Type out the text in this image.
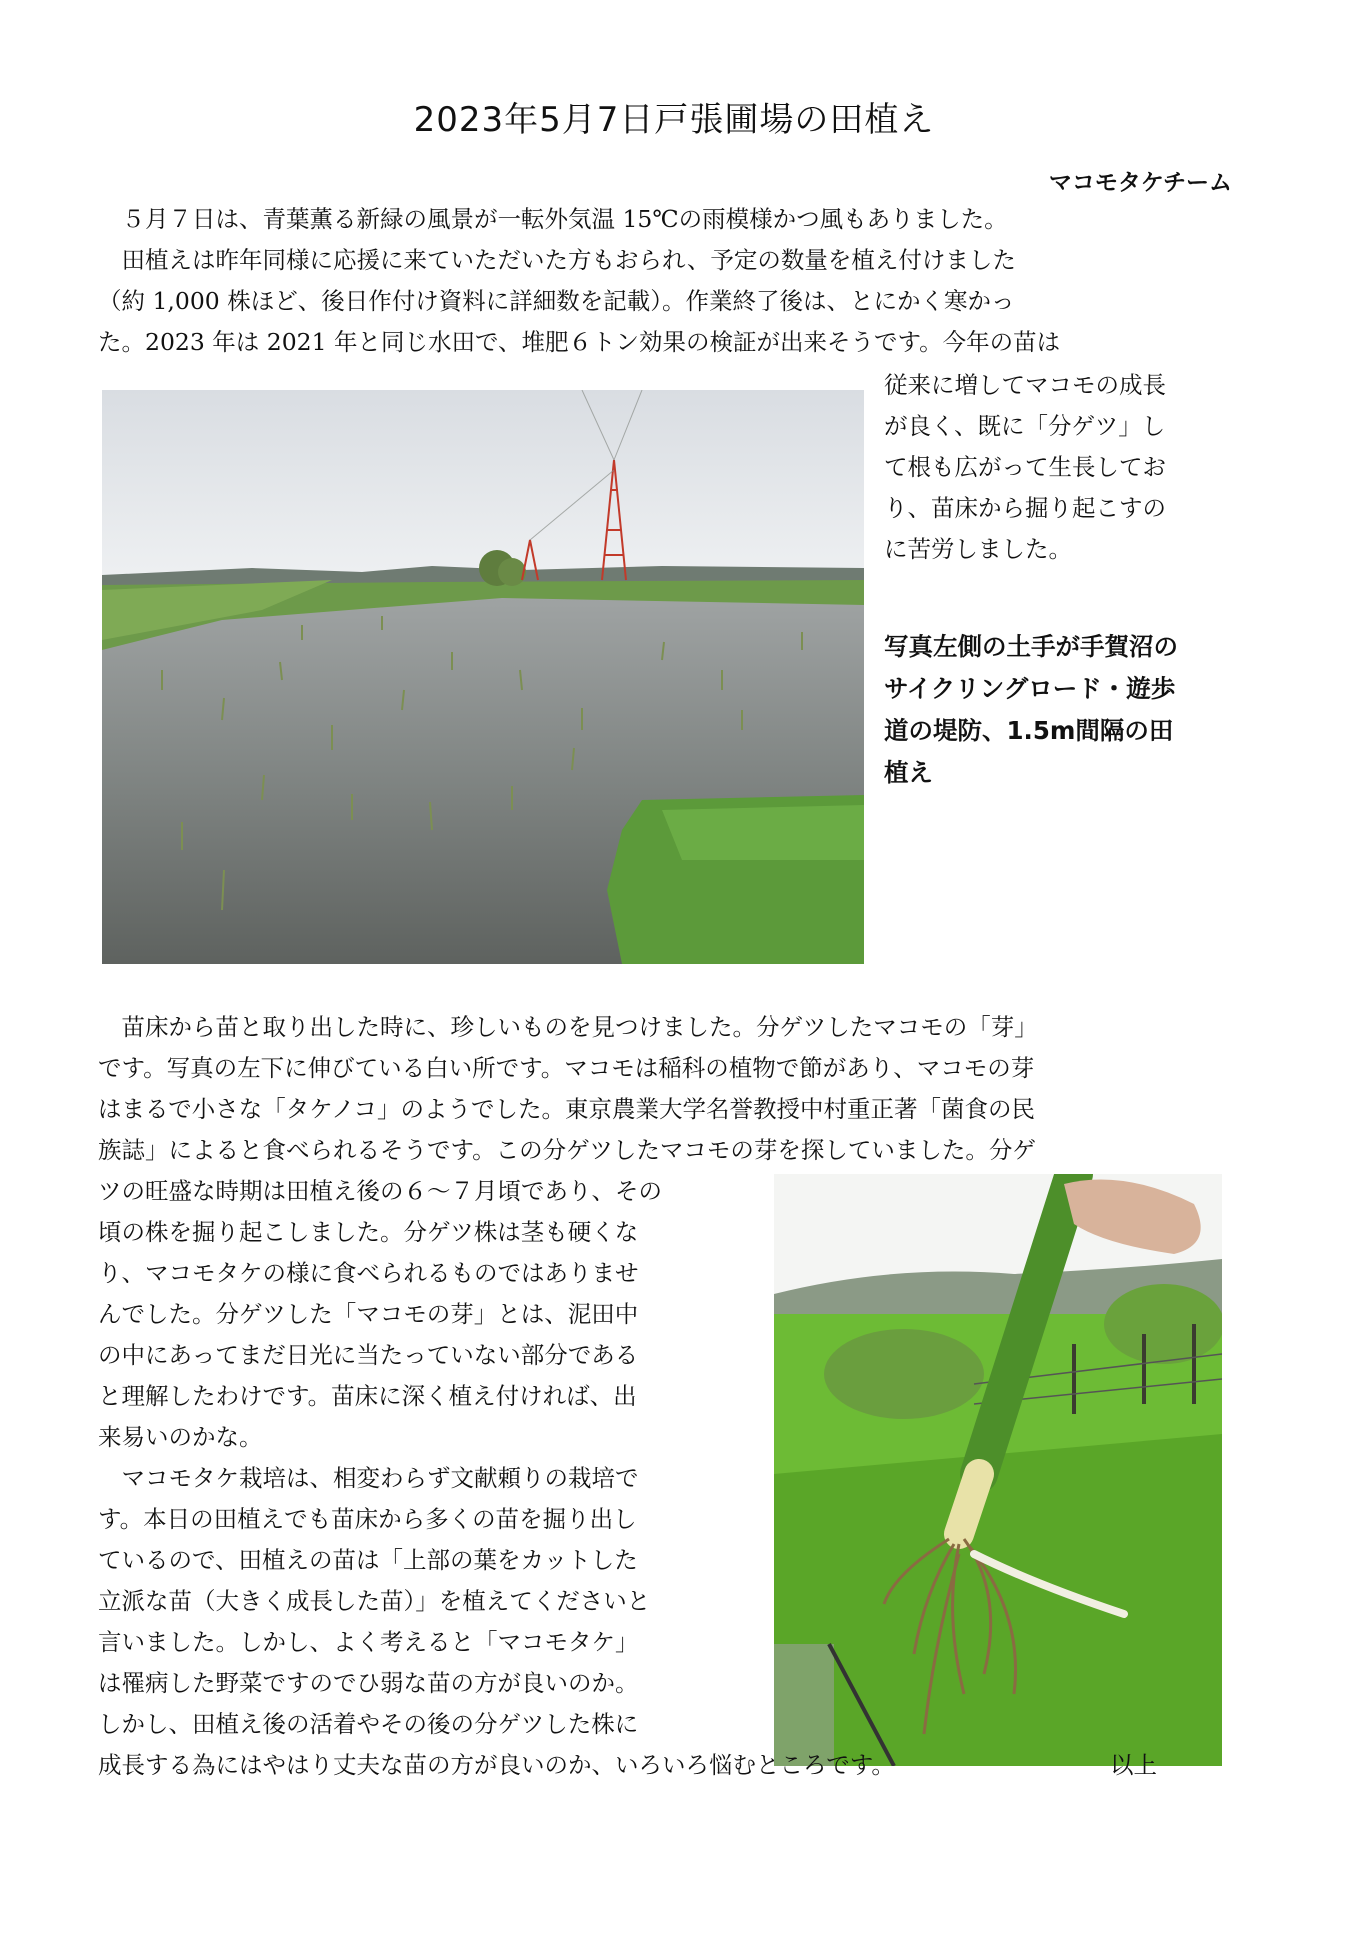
2023年5月7日戸張圃場の田植え
マコモタケチーム
　５月７日は、青葉薫る新緑の風景が一転外気温 15℃の雨模様かつ風もありました。
　田植えは昨年同様に応援に来ていただいた方もおられ、予定の数量を植え付けました
（約 1,000 株ほど、後日作付け資料に詳細数を記載）。作業終了後は、とにかく寒かっ
た。2023 年は 2021 年と同じ水田で、堆肥６トン効果の検証が出来そうです。今年の苗は
従来に増してマコモの成長
が良く、既に「分ゲツ」し
て根も広がって生長してお
り、苗床から掘り起こすの
に苦労しました。
写真左側の土手が手賀沼の
サイクリングロード・遊歩
道の堤防、1.5m間隔の田
植え
　苗床から苗と取り出した時に、珍しいものを見つけました。分ゲツしたマコモの「芽」
です。写真の左下に伸びている白い所です。マコモは稲科の植物で節があり、マコモの芽
はまるで小さな「タケノコ」のようでした。東京農業大学名誉教授中村重正著「菌食の民
族誌」によると食べられるそうです。この分ゲツしたマコモの芽を探していました。分ゲ
ツの旺盛な時期は田植え後の６～７月頃であり、その
頃の株を掘り起こしました。分ゲツ株は茎も硬くな
り、マコモタケの様に食べられるものではありませ
んでした。分ゲツした「マコモの芽」とは、泥田中
の中にあってまだ日光に当たっていない部分である
と理解したわけです。苗床に深く植え付ければ、出
来易いのかな。
　マコモタケ栽培は、相変わらず文献頼りの栽培で
す。本日の田植えでも苗床から多くの苗を掘り出し
ているので、田植えの苗は「上部の葉をカットした
立派な苗（大きく成長した苗）」を植えてくださいと
言いました。しかし、よく考えると「マコモタケ」
は罹病した野菜ですのでひ弱な苗の方が良いのか。
しかし、田植え後の活着やその後の分ゲツした株に
成長する為にはやはり丈夫な苗の方が良いのか、いろいろ悩むところです。	以上
